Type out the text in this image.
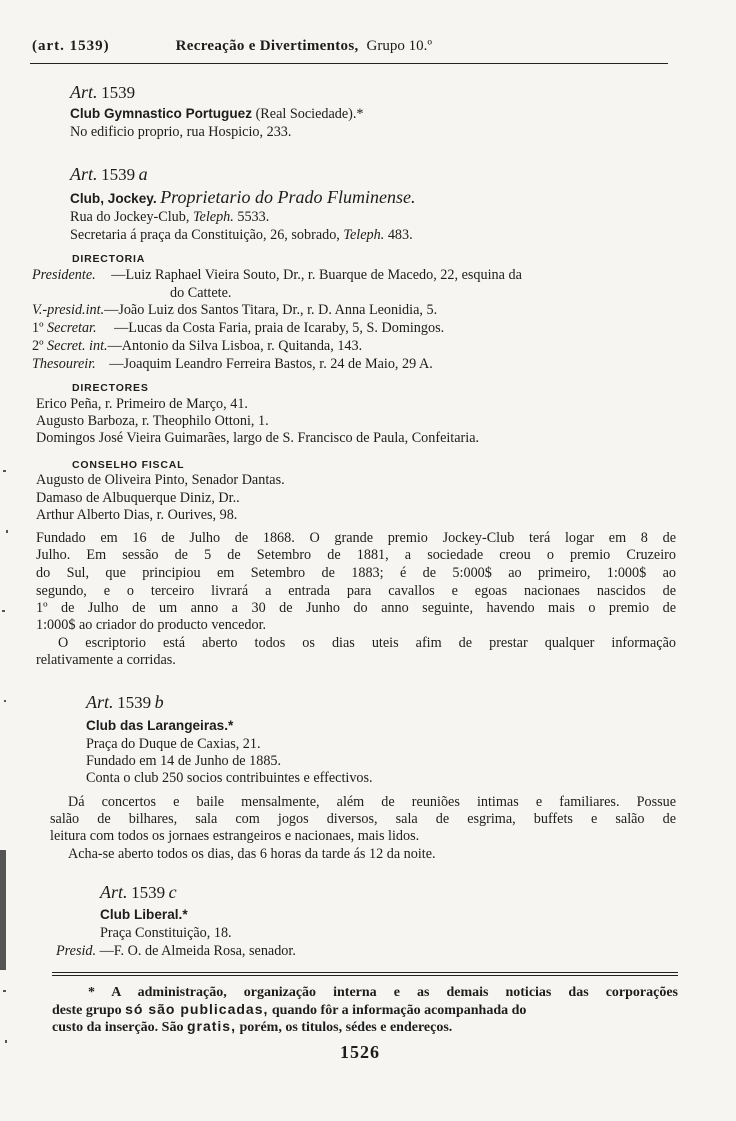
(art. 1539)	Recreação e Divertimentos, Grupo 10.º
Art. 1539
Club Gymnastico Portuguez (Real Sociedade).*
No edificio proprio, rua Hospicio, 233.
Art. 1539 a
Club, Jockey. Proprietario do Prado Fluminense.
Rua do Jockey-Club, Teleph. 5533.
Secretaria á praça da Constituição, 26, sobrado, Teleph. 483.
DIRECTORIA
Presidente. —Luiz Raphael Vieira Souto, Dr., r. Buarque de Macedo, 22, esquina da
do Cattete.
V.-presid.int.—João Luiz dos Santos Titara, Dr., r. D. Anna Leonidia, 5.
1º Secretar. —Lucas da Costa Faria, praia de Icaraby, 5, S. Domingos.
2º Secret. int.—Antonio da Silva Lisboa, r. Quitanda, 143.
Thesoureir. —Joaquim Leandro Ferreira Bastos, r. 24 de Maio, 29 A.
DIRECTORES
Erico Peña, r. Primeiro de Março, 41.
Augusto Barboza, r. Theophilo Ottoni, 1.
Domingos José Vieira Guimarães, largo de S. Francisco de Paula, Confeitaria.
CONSELHO FISCAL
Augusto de Oliveira Pinto, Senador Dantas.
Damaso de Albuquerque Diniz, Dr..
Arthur Alberto Dias, r. Ourives, 98.
Fundado em 16 de Julho de 1868. O grande premio Jockey-Club terá logar em 8 de
Julho. Em sessão de 5 de Setembro de 1881, a sociedade creou o premio Cruzeiro
do Sul, que principiou em Setembro de 1883; é de 5:000$ ao primeiro, 1:000$ ao
segundo, e o terceiro livrará a entrada para cavallos e egoas nacionaes nascidos de
1º de Julho de um anno a 30 de Junho do anno seguinte, havendo mais o premio de
1:000$ ao criador do producto vencedor.
O escriptorio está aberto todos os dias uteis afim de prestar qualquer informação
relativamente a corridas.
Art. 1539 b
Club das Larangeiras.*
Praça do Duque de Caxias, 21.
Fundado em 14 de Junho de 1885.
Conta o club 250 socios contribuintes e effectivos.
Dá concertos e baile mensalmente, além de reuniões intimas e familiares. Possue
salão de bilhares, sala com jogos diversos, sala de esgrima, buffets e salão de
leitura com todos os jornaes estrangeiros e nacionaes, mais lidos.
Acha-se aberto todos os dias, das 6 horas da tarde ás 12 da noite.
Art. 1539 c
Club Liberal.*
Praça Constituição, 18.
Presid. —F. O. de Almeida Rosa, senador.
* A administração, organização interna e as demais noticias das corporações
deste grupo só são publicadas, quando fôr a informação acompanhada do
custo da inserção. São gratis, porém, os titulos, sédes e endereços.
1526
